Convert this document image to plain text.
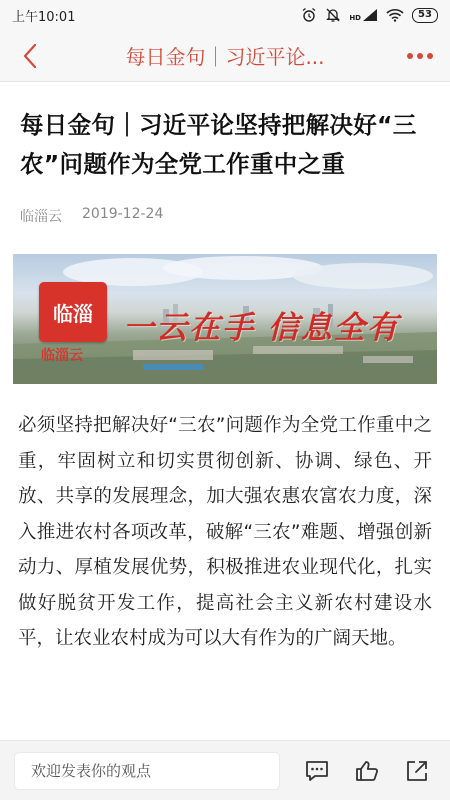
上午10:01	HD	53
每日金句｜习近平论...
每日金句｜习近平论坚持把解决好“三农”问题作为全党工作重中之重
临淄云 2019-12-24
临淄
临淄云
一云在手 信息全有

必须坚持把解决好“三农”问题作为全党工作重中之重，牢固树立和切实贯彻创新、协调、绿色、开放、共享的发展理念，加大强农惠农富农力度，深入推进农村各项改革，破解“三农”难题、增强创新动力、厚植发展优势，积极推进农业现代化，扎实做好脱贫开发工作，提高社会主义新农村建设水平，让农业农村成为可以大有作为的广阔天地。

欢迎发表你的观点
